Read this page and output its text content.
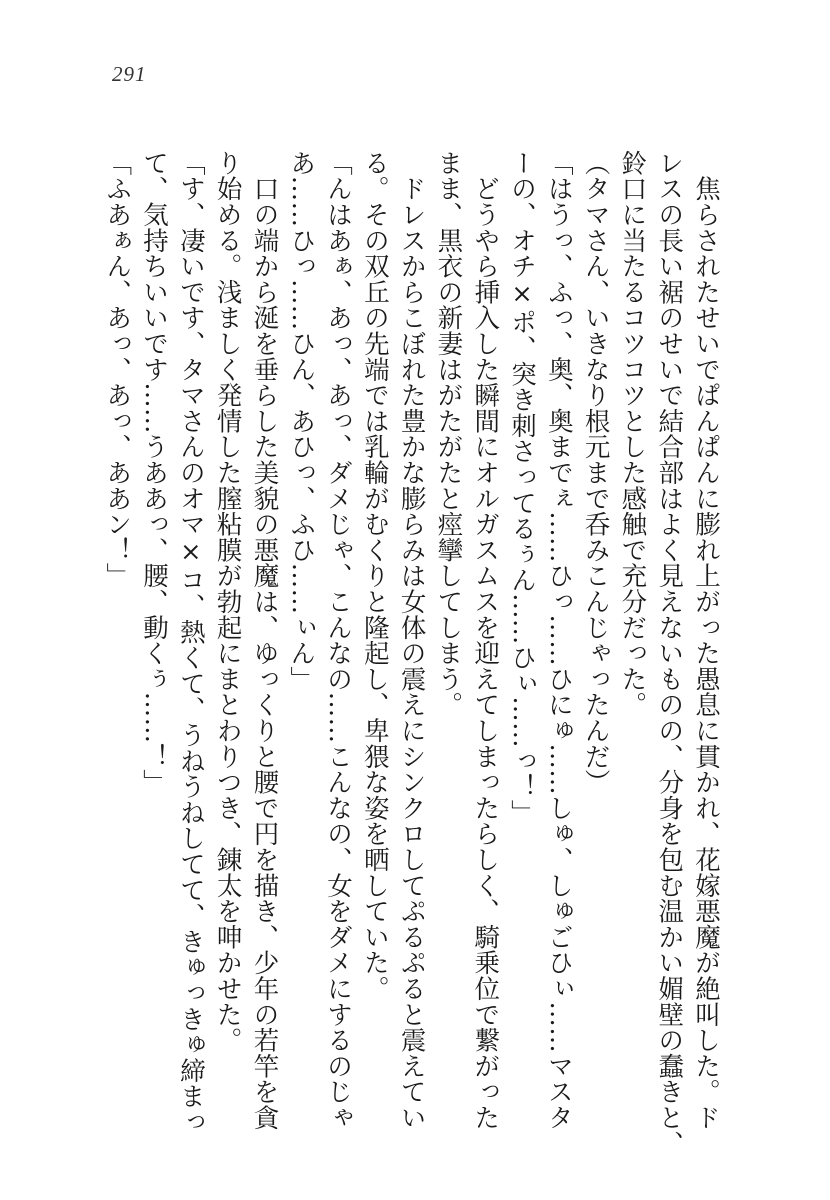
291
　焦らされたせいでぱんぱんに膨れ上がった愚息に貫かれ、花嫁悪魔が絶叫した。ド
レスの長い裾のせいで結合部はよく見えないものの、分身を包む温かい媚壁の蠢きと、
鈴口に当たるコツコツとした感触で充分だった。
（タマさん、いきなり根元まで呑みこんじゃったんだ）
「はうっ、ふっ、奥、奥までぇ……ひっ……ひにゅ……しゅ、しゅごひぃ……マスタ
ーの、オチ×ポ、突き刺さってるぅん……ひぃ……っ！」
　どうやら挿入した瞬間にオルガスムスを迎えてしまったらしく、騎乗位で繋がった
まま、黒衣の新妻はがたがたと痙攣してしまう。
　ドレスからこぼれた豊かな膨らみは女体の震えにシンクロしてぷるぷると震えてい
る。その双丘の先端では乳輪がむくりと隆起し、卑猥な姿を晒していた。
「んはあぁ、あっ、あっ、ダメじゃ、こんなの……こんなの、女をダメにするのじゃ
あ……ひっ……ひん、あひっ、ふひ……ぃん」
　口の端から涎を垂らした美貌の悪魔は、ゆっくりと腰で円を描き、少年の若竿を貪
り始める。浅ましく発情した膣粘膜が勃起にまとわりつき、錬太を呻かせた。
「す、凄いです、タマさんのオマ×コ、熱くて、うねうねしてて、きゅっきゅ締まっ
て、気持ちいいです……うああっ、腰、動くぅ……！」
「ふあぁん、あっ、あっ、ああン！」
